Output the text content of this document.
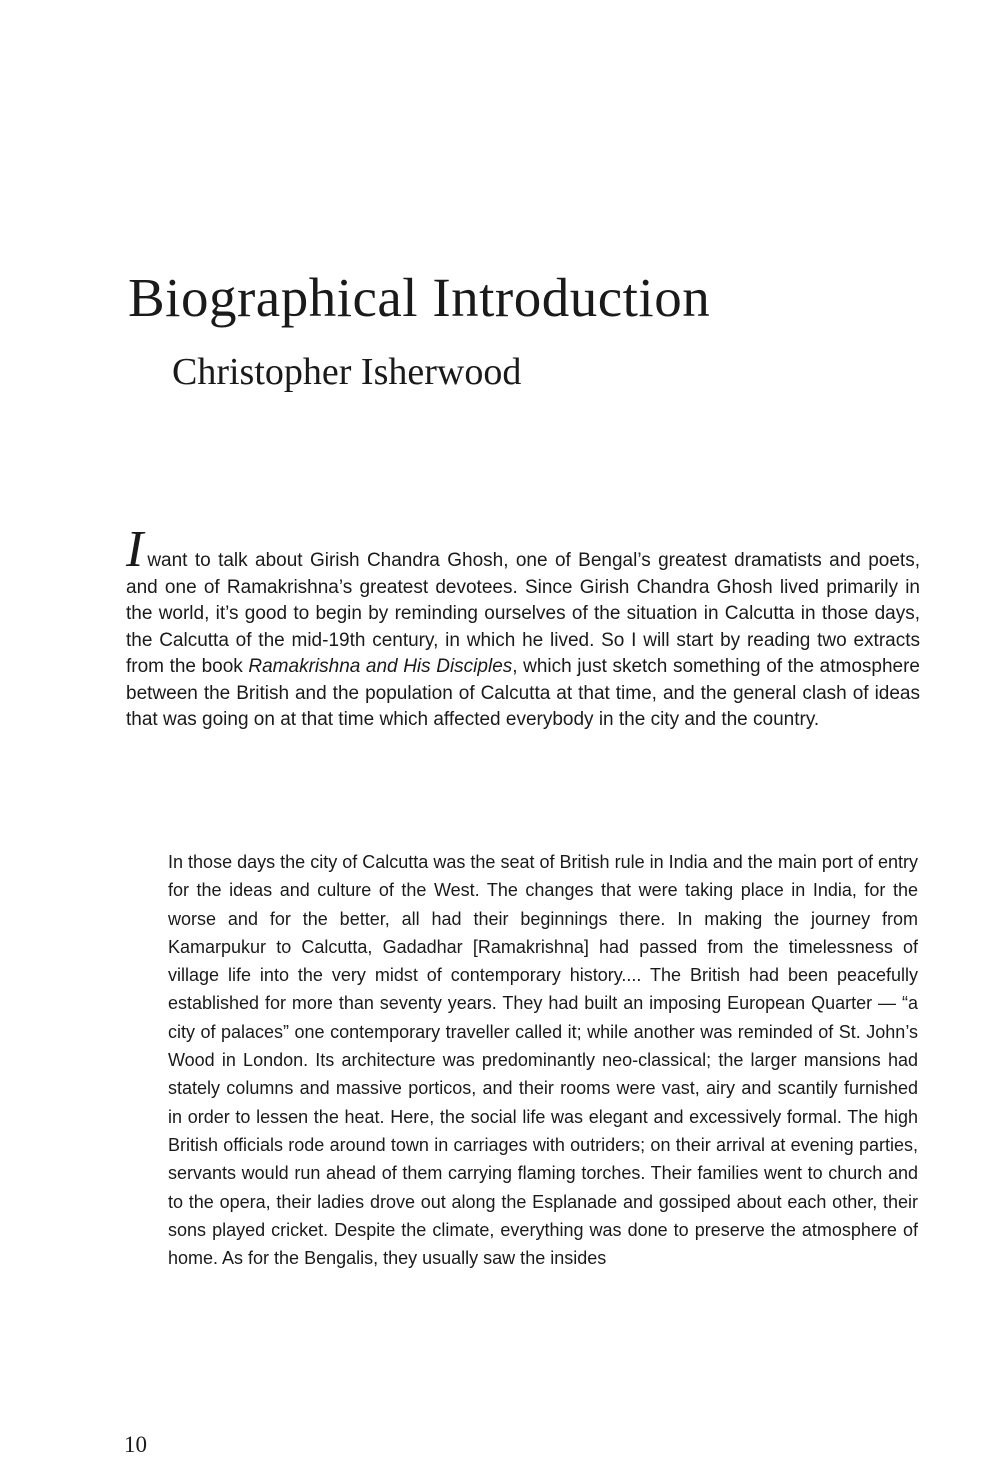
Biographical Introduction
Christopher Isherwood

Iwant to talk about Girish Chandra Ghosh, one of Bengal’s greatest dramatists and poets, and one of Ramakrishna’s greatest devotees. Since Girish Chandra Ghosh lived primarily in the world, it’s good to begin by reminding ourselves of the situation in Calcutta in those days, the Calcutta of the mid-19th century, in which he lived. So I will start by reading two extracts from the book Ramakrishna and His Disciples, which just sketch something of the atmosphere between the British and the population of Calcutta at that time, and the general clash of ideas that was going on at that time which affected everybody in the city and the country.

In those days the city of Calcutta was the seat of British rule in India and the main port of entry for the ideas and culture of the West. The changes that were taking place in India, for the worse and for the better, all had their beginnings there. In making the journey from Kamarpukur to Calcutta, Gadadhar [Ramakrishna] had passed from the timelessness of village life into the very midst of contemporary history.... The British had been peacefully established for more than seventy years. They had built an imposing European Quarter — “a city of palaces” one contemporary traveller called it; while another was reminded of St. John’s Wood in London. Its architecture was predominantly neo-classical; the larger mansions had stately columns and massive porticos, and their rooms were vast, airy and scantily furnished in order to lessen the heat. Here, the social life was elegant and excessively formal. The high British officials rode around town in carriages with outriders; on their arrival at evening parties, servants would run ahead of them carrying flaming torches. Their families went to church and to the opera, their ladies drove out along the Esplanade and gossiped about each other, their sons played cricket. Despite the climate, everything was done to preserve the atmosphere of home. As for the Bengalis, they usually saw the insides

10
